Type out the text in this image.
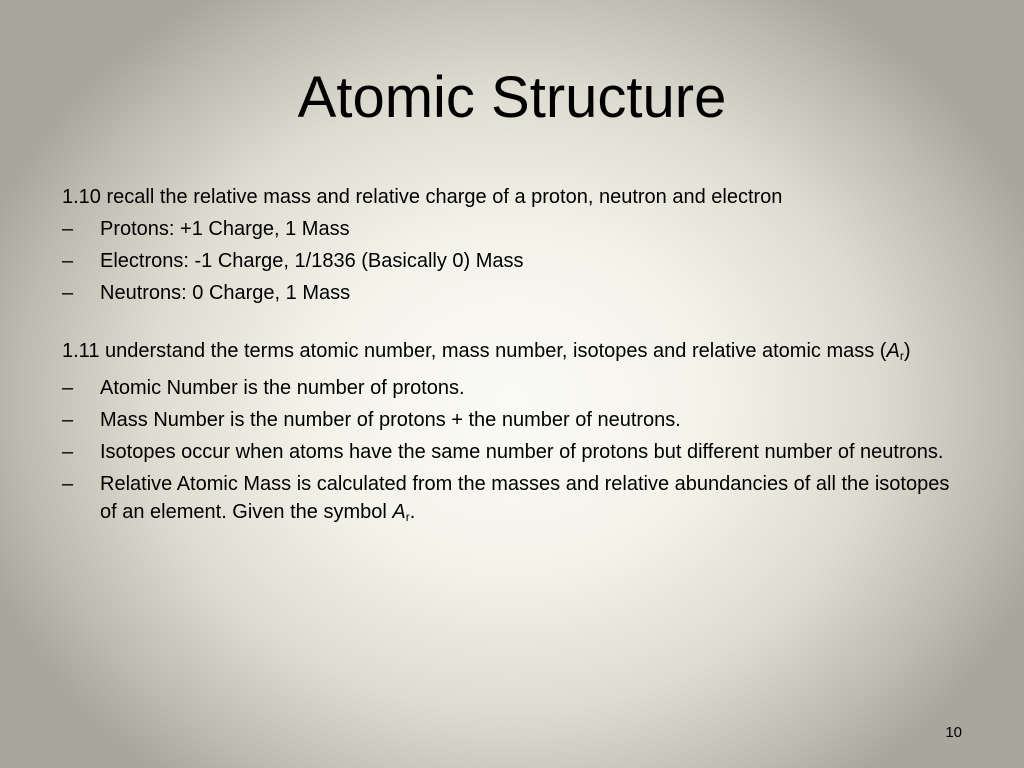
Atomic Structure

1.10 recall the relative mass and relative charge of a proton, neutron and electron

– Protons: +1 Charge, 1 Mass
– Electrons: -1 Charge, 1/1836 (Basically 0) Mass
– Neutrons: 0 Charge, 1 Mass

1.11 understand the terms atomic number, mass number, isotopes and relative atomic mass $(A_r)$

– Atomic Number is the number of protons.
– Mass Number is the number of protons + the number of neutrons.
– Isotopes occur when atoms have the same number of protons but different number of neutrons.
– Relative Atomic Mass is calculated from the masses and relative abundancies of all the isotopes of an element. Given the symbol $A_r$.
10
